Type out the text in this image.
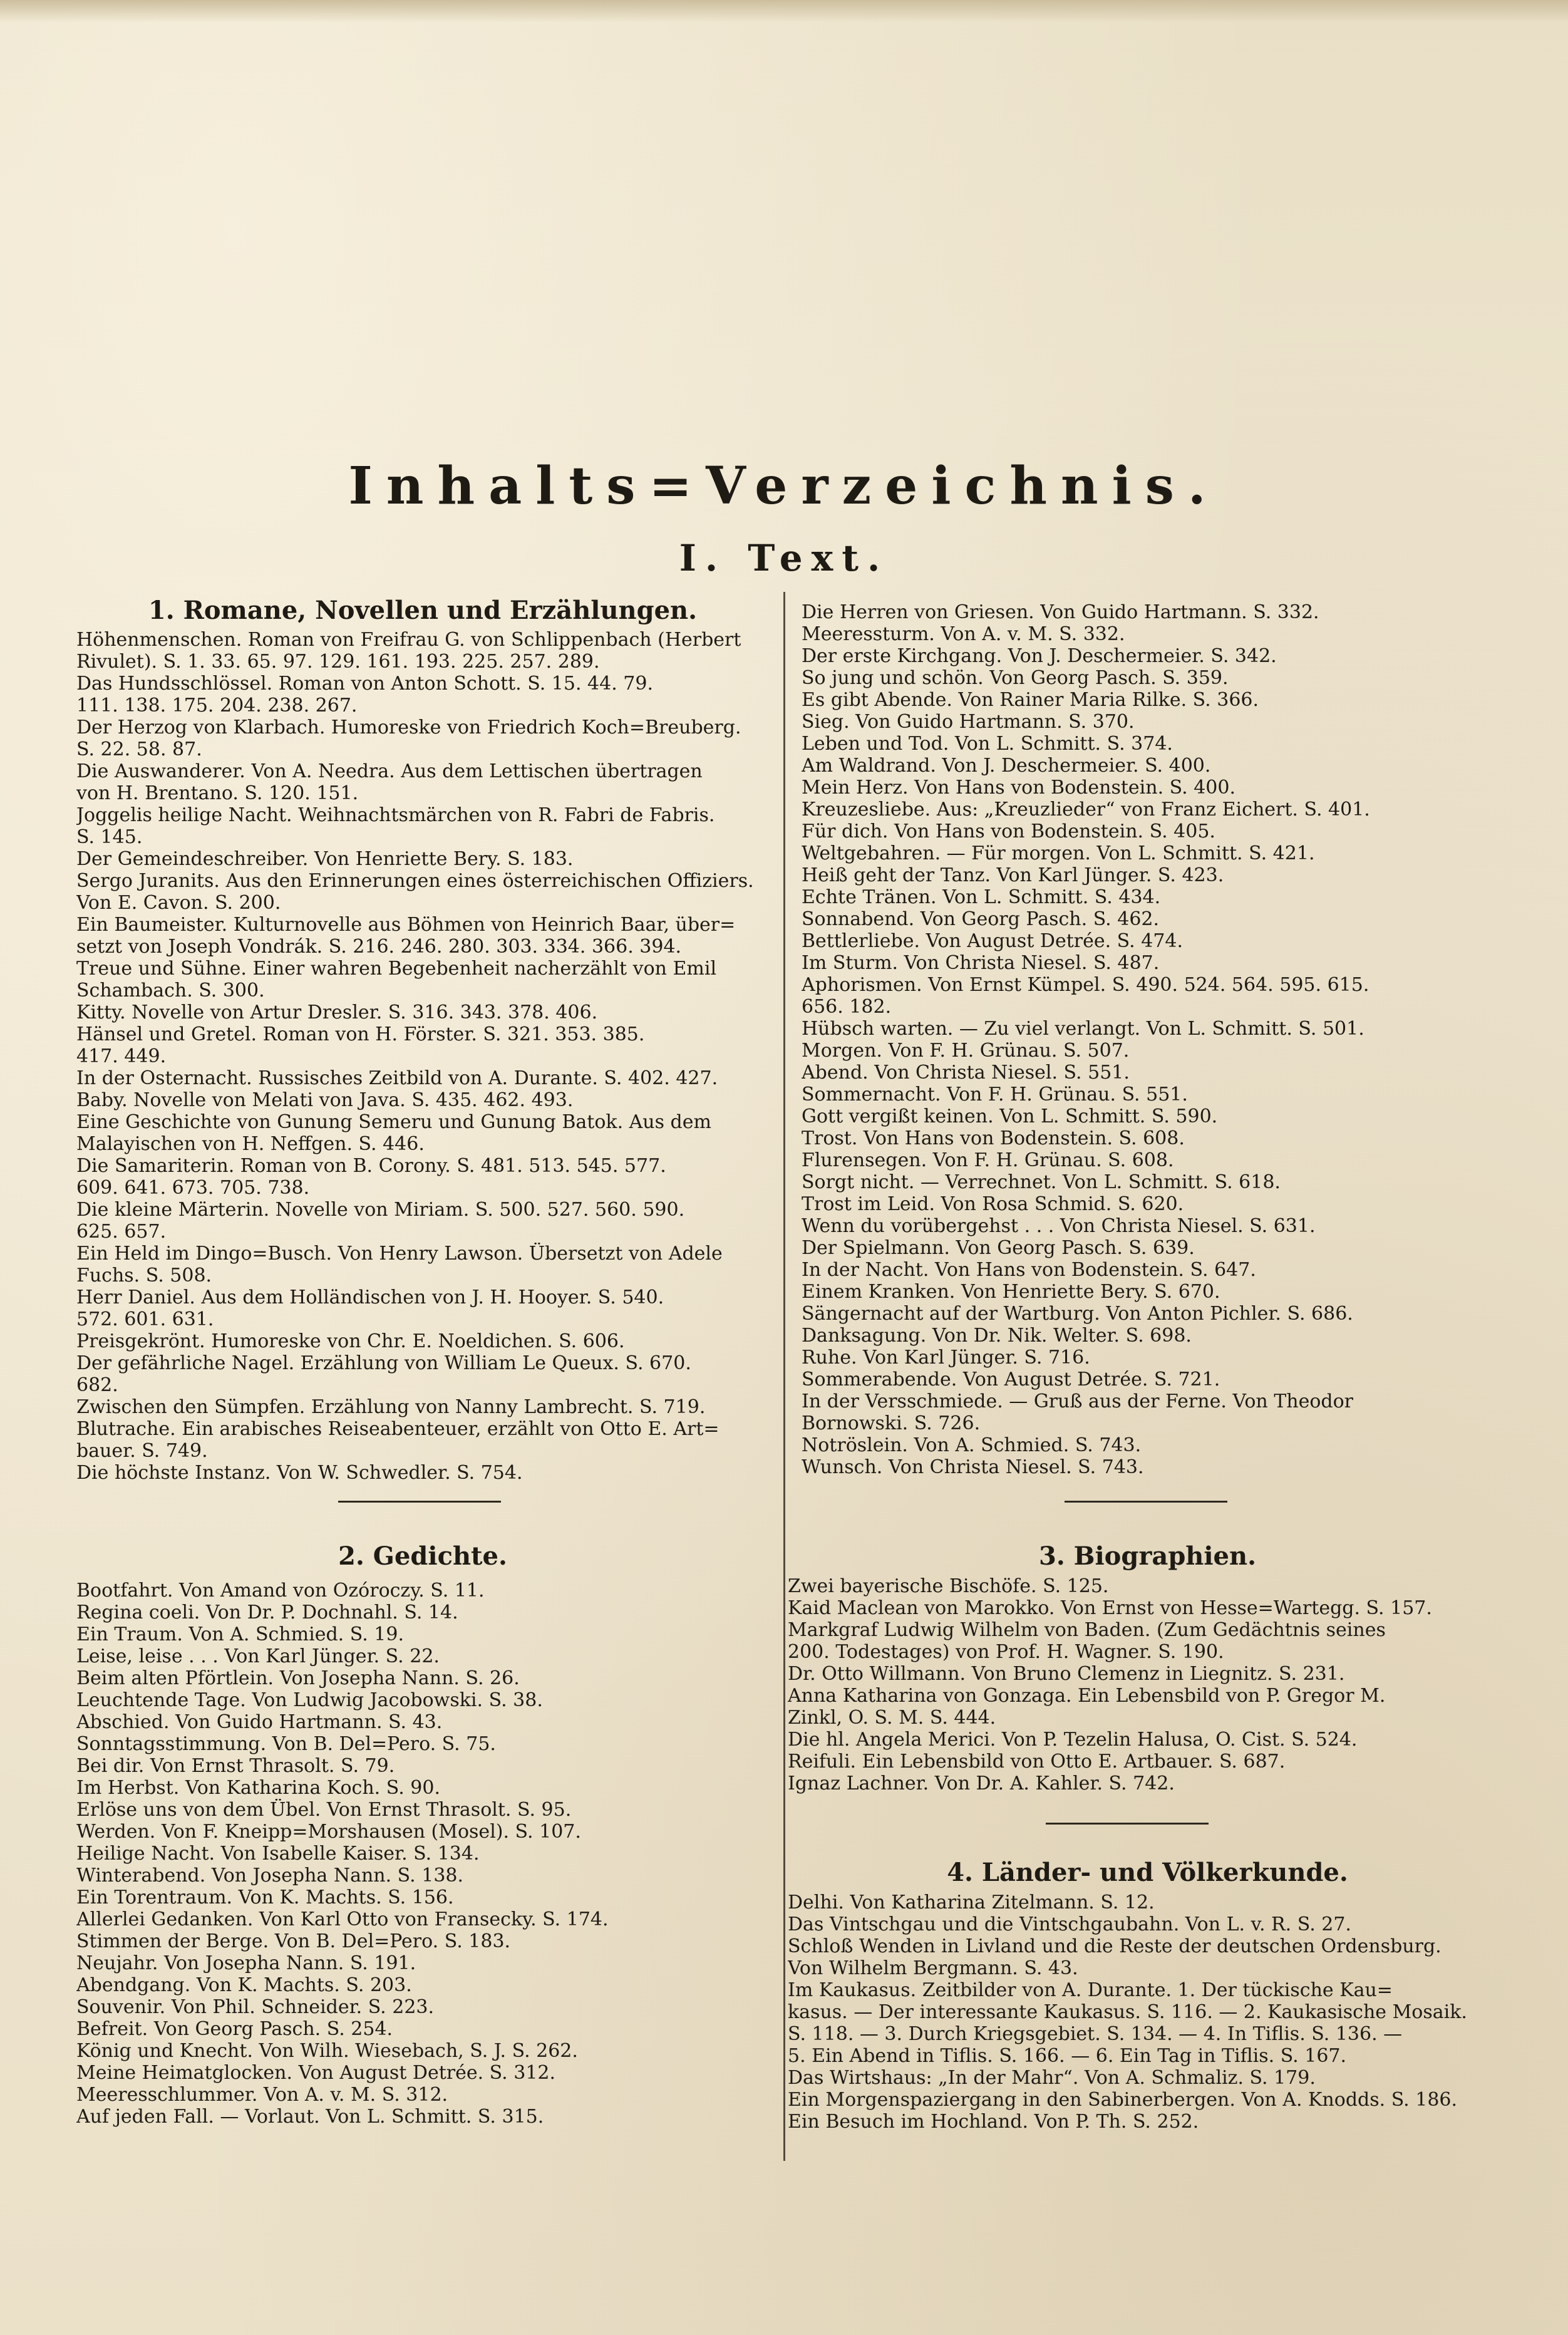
Inhalts=Verzeichnis.
I. Text.
1. Romane, Novellen und Erzählungen.
Höhenmenschen. Roman von Freifrau G. von Schlippenbach (Herbert
Rivulet). S. 1. 33. 65. 97. 129. 161. 193. 225. 257. 289.
Das Hundsschlössel. Roman von Anton Schott. S. 15. 44. 79.
111. 138. 175. 204. 238. 267.
Der Herzog von Klarbach. Humoreske von Friedrich Koch=Breuberg.
S. 22. 58. 87.
Die Auswanderer. Von A. Needra. Aus dem Lettischen übertragen
von H. Brentano. S. 120. 151.
Joggelis heilige Nacht. Weihnachtsmärchen von R. Fabri de Fabris.
S. 145.
Der Gemeindeschreiber. Von Henriette Bery. S. 183.
Sergo Juranits. Aus den Erinnerungen eines österreichischen Offiziers.
Von E. Cavon. S. 200.
Ein Baumeister. Kulturnovelle aus Böhmen von Heinrich Baar, über=
setzt von Joseph Vondrák. S. 216. 246. 280. 303. 334. 366. 394.
Treue und Sühne. Einer wahren Begebenheit nacherzählt von Emil
Schambach. S. 300.
Kitty. Novelle von Artur Dresler. S. 316. 343. 378. 406.
Hänsel und Gretel. Roman von H. Förster. S. 321. 353. 385.
417. 449.
In der Osternacht. Russisches Zeitbild von A. Durante. S. 402. 427.
Baby. Novelle von Melati von Java. S. 435. 462. 493.
Eine Geschichte von Gunung Semeru und Gunung Batok. Aus dem
Malayischen von H. Neffgen. S. 446.
Die Samariterin. Roman von B. Corony. S. 481. 513. 545. 577.
609. 641. 673. 705. 738.
Die kleine Märterin. Novelle von Miriam. S. 500. 527. 560. 590.
625. 657.
Ein Held im Dingo=Busch. Von Henry Lawson. Übersetzt von Adele
Fuchs. S. 508.
Herr Daniel. Aus dem Holländischen von J. H. Hooyer. S. 540.
572. 601. 631.
Preisgekrönt. Humoreske von Chr. E. Noeldichen. S. 606.
Der gefährliche Nagel. Erzählung von William Le Queux. S. 670.
682.
Zwischen den Sümpfen. Erzählung von Nanny Lambrecht. S. 719.
Blutrache. Ein arabisches Reiseabenteuer, erzählt von Otto E. Art=
bauer. S. 749.
Die höchste Instanz. Von W. Schwedler. S. 754.
Die Herren von Griesen. Von Guido Hartmann. S. 332.
Meeressturm. Von A. v. M. S. 332.
Der erste Kirchgang. Von J. Deschermeier. S. 342.
So jung und schön. Von Georg Pasch. S. 359.
Es gibt Abende. Von Rainer Maria Rilke. S. 366.
Sieg. Von Guido Hartmann. S. 370.
Leben und Tod. Von L. Schmitt. S. 374.
Am Waldrand. Von J. Deschermeier. S. 400.
Mein Herz. Von Hans von Bodenstein. S. 400.
Kreuzesliebe. Aus: „Kreuzlieder“ von Franz Eichert. S. 401.
Für dich. Von Hans von Bodenstein. S. 405.
Weltgebahren. — Für morgen. Von L. Schmitt. S. 421.
Heiß geht der Tanz. Von Karl Jünger. S. 423.
Echte Tränen. Von L. Schmitt. S. 434.
Sonnabend. Von Georg Pasch. S. 462.
Bettlerliebe. Von August Detrée. S. 474.
Im Sturm. Von Christa Niesel. S. 487.
Aphorismen. Von Ernst Kümpel. S. 490. 524. 564. 595. 615.
656. 182.
Hübsch warten. — Zu viel verlangt. Von L. Schmitt. S. 501.
Morgen. Von F. H. Grünau. S. 507.
Abend. Von Christa Niesel. S. 551.
Sommernacht. Von F. H. Grünau. S. 551.
Gott vergißt keinen. Von L. Schmitt. S. 590.
Trost. Von Hans von Bodenstein. S. 608.
Flurensegen. Von F. H. Grünau. S. 608.
Sorgt nicht. — Verrechnet. Von L. Schmitt. S. 618.
Trost im Leid. Von Rosa Schmid. S. 620.
Wenn du vorübergehst . . . Von Christa Niesel. S. 631.
Der Spielmann. Von Georg Pasch. S. 639.
In der Nacht. Von Hans von Bodenstein. S. 647.
Einem Kranken. Von Henriette Bery. S. 670.
Sängernacht auf der Wartburg. Von Anton Pichler. S. 686.
Danksagung. Von Dr. Nik. Welter. S. 698.
Ruhe. Von Karl Jünger. S. 716.
Sommerabende. Von August Detrée. S. 721.
In der Versschmiede. — Gruß aus der Ferne. Von Theodor
Bornowski. S. 726.
Notröslein. Von A. Schmied. S. 743.
Wunsch. Von Christa Niesel. S. 743.
2. Gedichte.
Bootfahrt. Von Amand von Ozóroczy. S. 11.
Regina coeli. Von Dr. P. Dochnahl. S. 14.
Ein Traum. Von A. Schmied. S. 19.
Leise, leise . . . Von Karl Jünger. S. 22.
Beim alten Pförtlein. Von Josepha Nann. S. 26.
Leuchtende Tage. Von Ludwig Jacobowski. S. 38.
Abschied. Von Guido Hartmann. S. 43.
Sonntagsstimmung. Von B. Del=Pero. S. 75.
Bei dir. Von Ernst Thrasolt. S. 79.
Im Herbst. Von Katharina Koch. S. 90.
Erlöse uns von dem Übel. Von Ernst Thrasolt. S. 95.
Werden. Von F. Kneipp=Morshausen (Mosel). S. 107.
Heilige Nacht. Von Isabelle Kaiser. S. 134.
Winterabend. Von Josepha Nann. S. 138.
Ein Torentraum. Von K. Machts. S. 156.
Allerlei Gedanken. Von Karl Otto von Fransecky. S. 174.
Stimmen der Berge. Von B. Del=Pero. S. 183.
Neujahr. Von Josepha Nann. S. 191.
Abendgang. Von K. Machts. S. 203.
Souvenir. Von Phil. Schneider. S. 223.
Befreit. Von Georg Pasch. S. 254.
König und Knecht. Von Wilh. Wiesebach, S. J. S. 262.
Meine Heimatglocken. Von August Detrée. S. 312.
Meeresschlummer. Von A. v. M. S. 312.
Auf jeden Fall. — Vorlaut. Von L. Schmitt. S. 315.
3. Biographien.
Zwei bayerische Bischöfe. S. 125.
Kaid Maclean von Marokko. Von Ernst von Hesse=Wartegg. S. 157.
Markgraf Ludwig Wilhelm von Baden. (Zum Gedächtnis seines
200. Todestages) von Prof. H. Wagner. S. 190.
Dr. Otto Willmann. Von Bruno Clemenz in Liegnitz. S. 231.
Anna Katharina von Gonzaga. Ein Lebensbild von P. Gregor M.
Zinkl, O. S. M. S. 444.
Die hl. Angela Merici. Von P. Tezelin Halusa, O. Cist. S. 524.
Reifuli. Ein Lebensbild von Otto E. Artbauer. S. 687.
Ignaz Lachner. Von Dr. A. Kahler. S. 742.
4. Länder- und Völkerkunde.
Delhi. Von Katharina Zitelmann. S. 12.
Das Vintschgau und die Vintschgaubahn. Von L. v. R. S. 27.
Schloß Wenden in Livland und die Reste der deutschen Ordensburg.
Von Wilhelm Bergmann. S. 43.
Im Kaukasus. Zeitbilder von A. Durante. 1. Der tückische Kau=
kasus. — Der interessante Kaukasus. S. 116. — 2. Kaukasische Mosaik.
S. 118. — 3. Durch Kriegsgebiet. S. 134. — 4. In Tiflis. S. 136. —
5. Ein Abend in Tiflis. S. 166. — 6. Ein Tag in Tiflis. S. 167.
Das Wirtshaus: „In der Mahr“. Von A. Schmaliz. S. 179.
Ein Morgenspaziergang in den Sabinerbergen. Von A. Knodds. S. 186.
Ein Besuch im Hochland. Von P. Th. S. 252.
